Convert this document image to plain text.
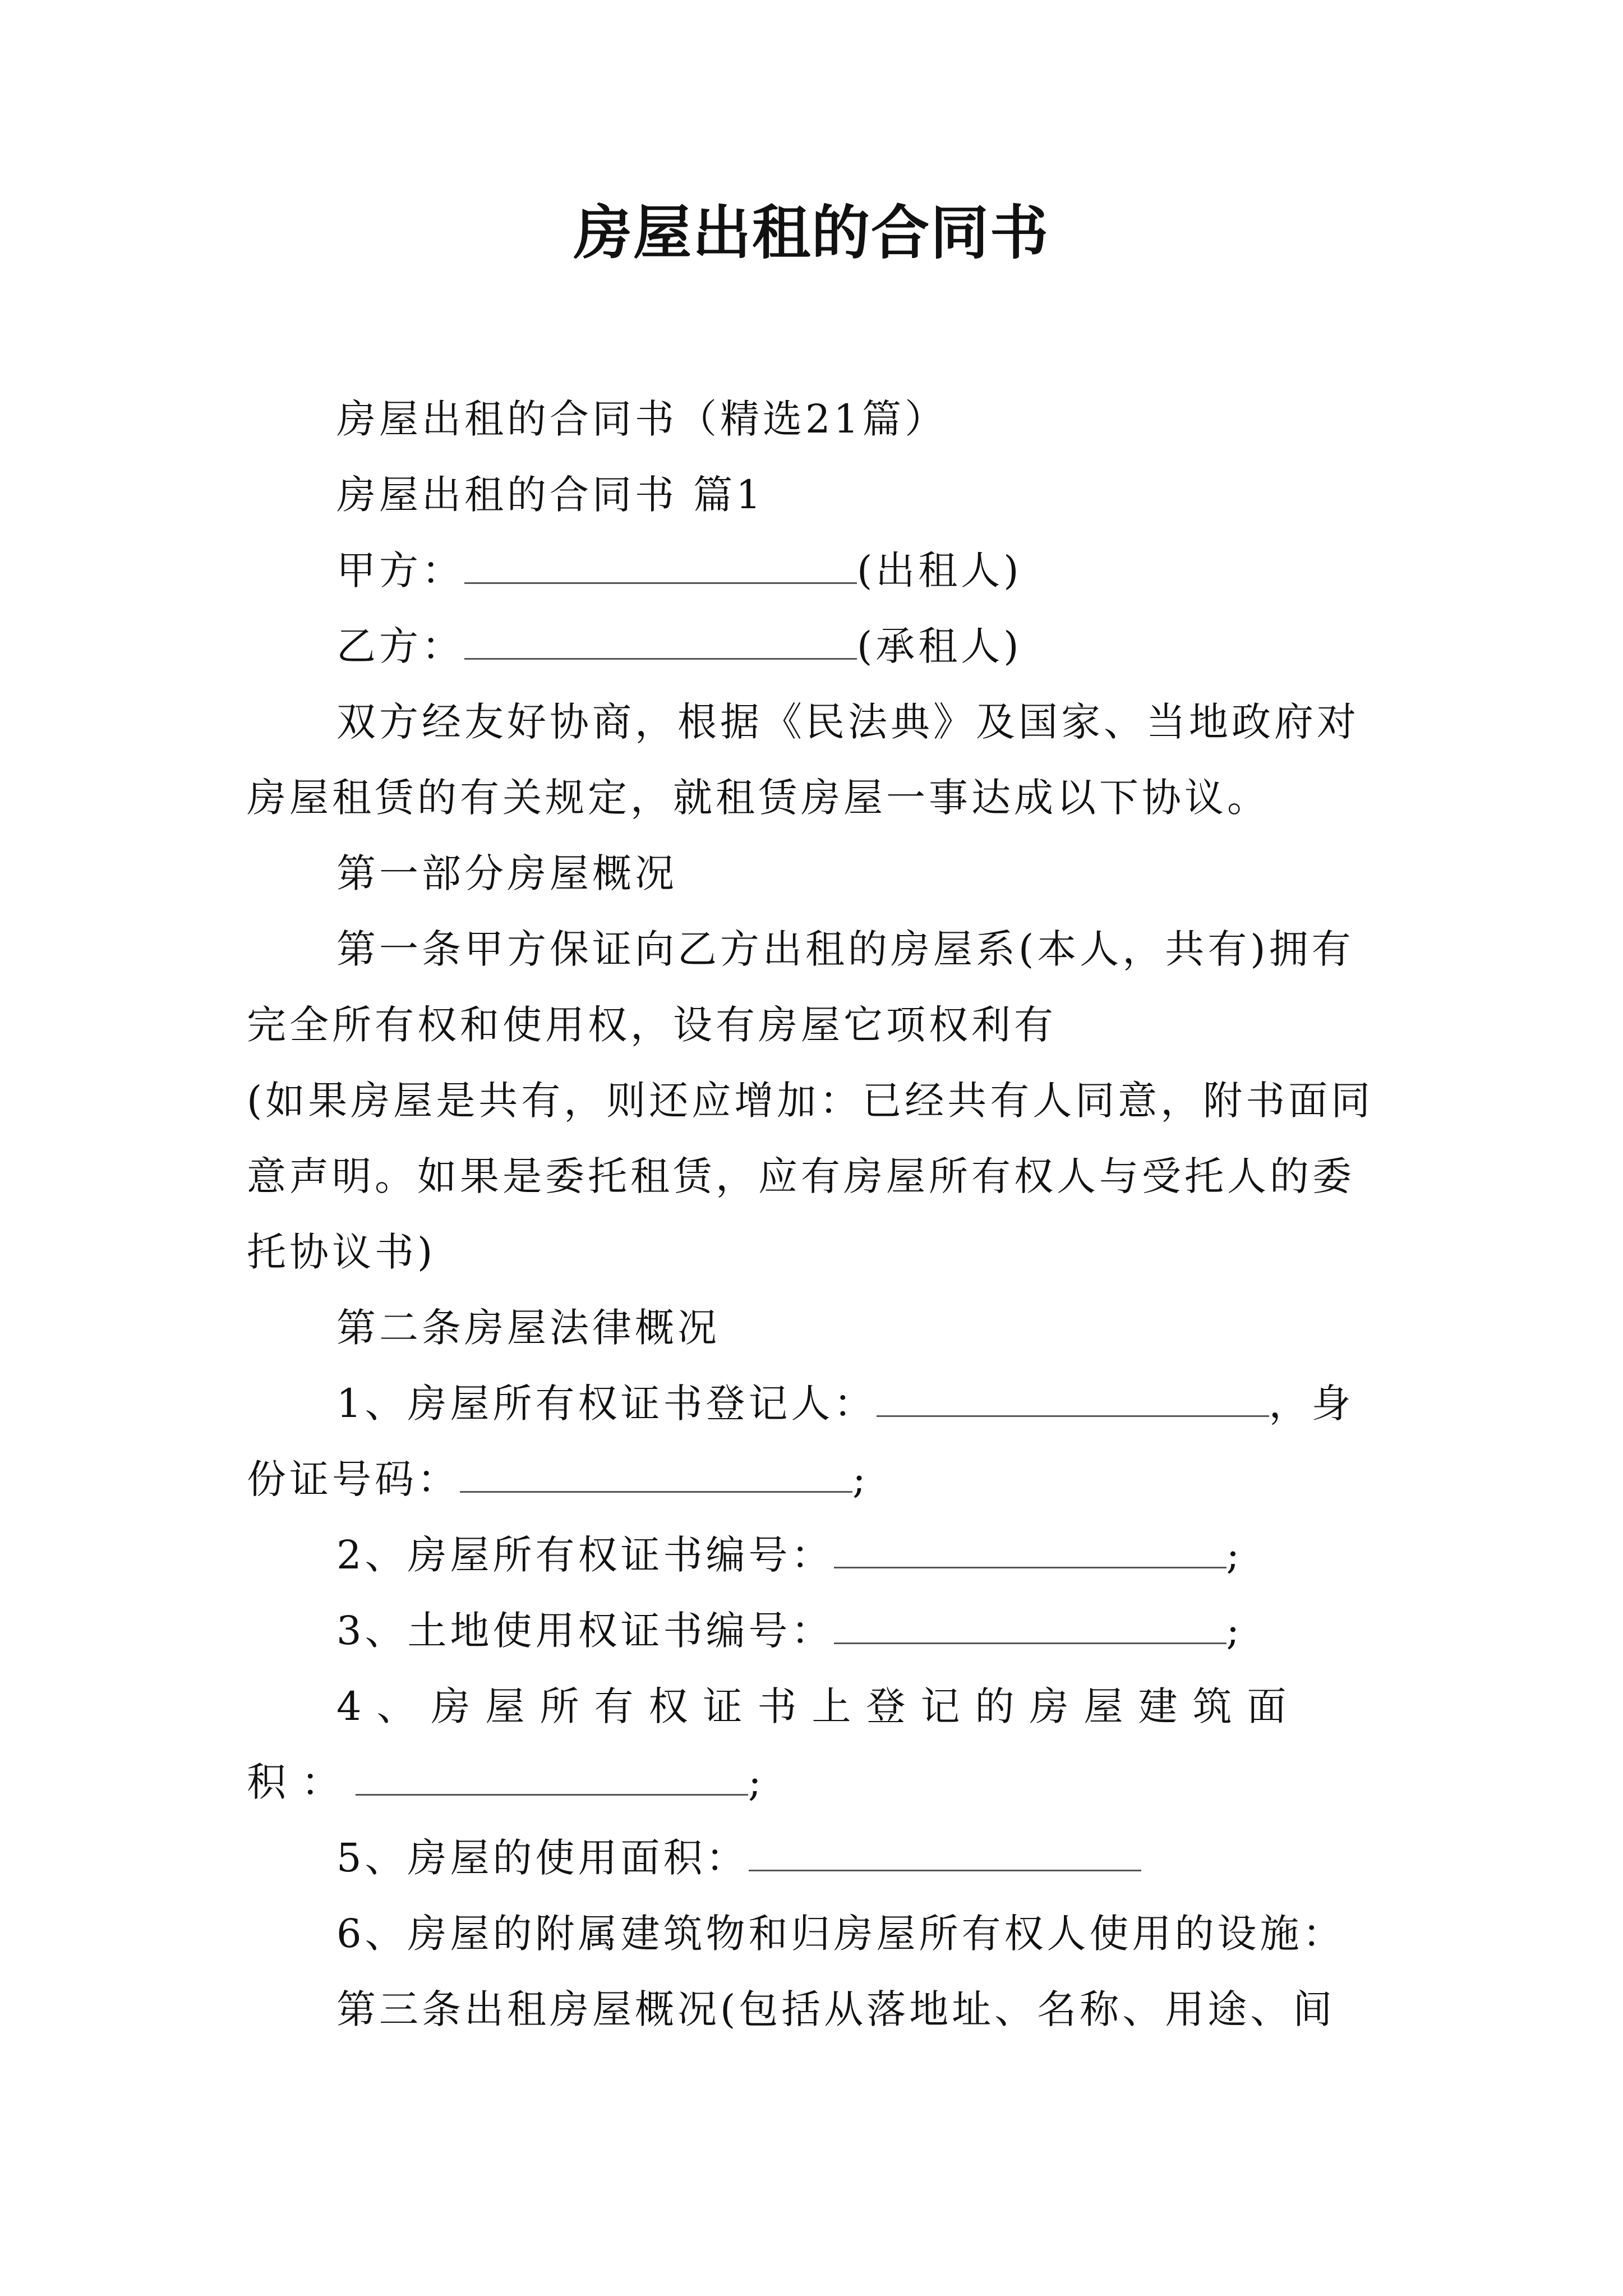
房屋出租的合同书

房屋出租的合同书（精选21篇）

房屋出租的合同书 篇1

甲方：	(出租人)

乙方：	(承租人)

双方经友好协商，根据《民法典》及国家、当地政府对房屋租赁的有关规定，就租赁房屋一事达成以下协议。

第一部分房屋概况

第一条甲方保证向乙方出租的房屋系(本人，共有)拥有完全所有权和使用权，设有房屋它项权利有

(如果房屋是共有，则还应增加：已经共有人同意，附书面同意声明。如果是委托租赁，应有房屋所有权人与受托人的委托协议书)

第二条房屋法律概况

1、房屋所有权证书登记人：	，身份证号码：	;

2、房屋所有权证书编号：	;

3、土地使用权证书编号：	;

4、房屋所有权证书上登记的房屋建筑面积：	;

5、房屋的使用面积：

6、房屋的附属建筑物和归房屋所有权人使用的设施：

第三条出租房屋概况(包括从落地址、名称、用途、间
